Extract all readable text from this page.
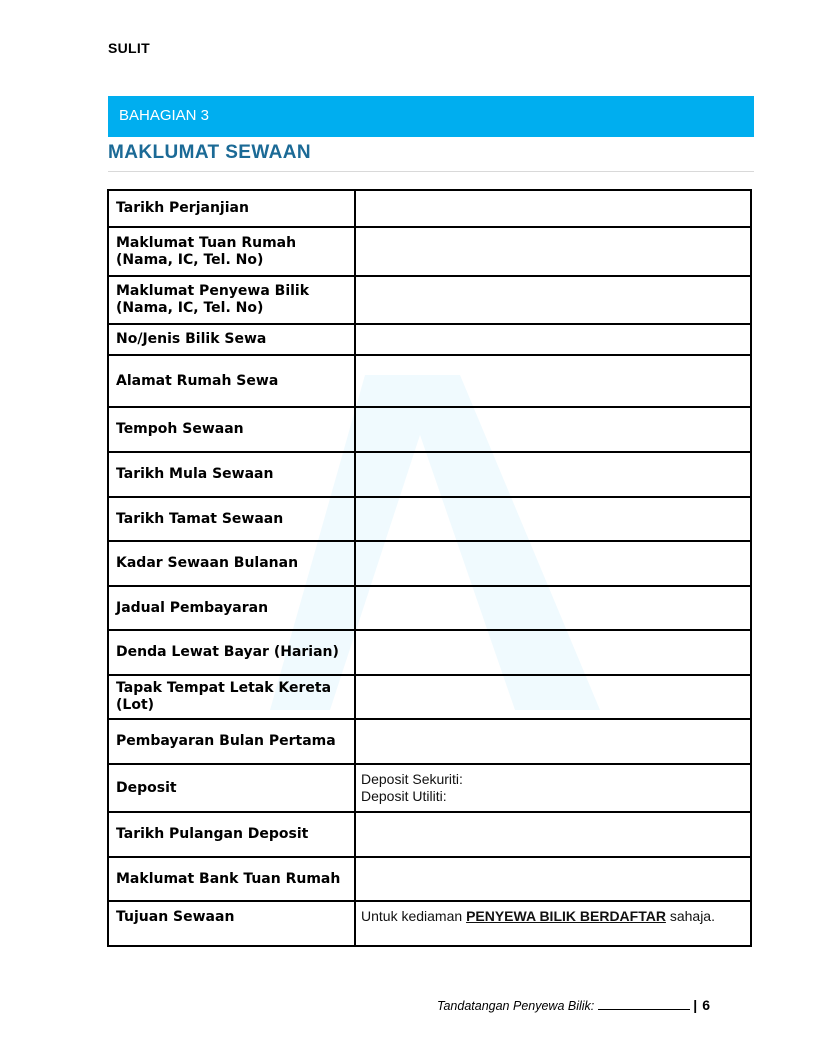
SULIT
BAHAGIAN 3
MAKLUMAT SEWAAN
Tarikh Perjanjian	
Maklumat Tuan Rumah (Nama, IC, Tel. No)	
Maklumat Penyewa Bilik (Nama, IC, Tel. No)	
No/Jenis Bilik Sewa	
Alamat Rumah Sewa	
Tempoh Sewaan	
Tarikh Mula Sewaan	
Tarikh Tamat Sewaan	
Kadar Sewaan Bulanan	
Jadual Pembayaran	
Denda Lewat Bayar (Harian)	
Tapak Tempat Letak Kereta (Lot)	
Pembayaran Bulan Pertama	
Deposit	Deposit Sekuriti:
Deposit Utiliti:

Tarikh Pulangan Deposit	
Maklumat Bank Tuan Rumah	
Tujuan Sewaan	Untuk kediaman PENYEWA BILIK BERDAFTAR sahaja.
Tandatangan Penyewa Bilik:	| 6
